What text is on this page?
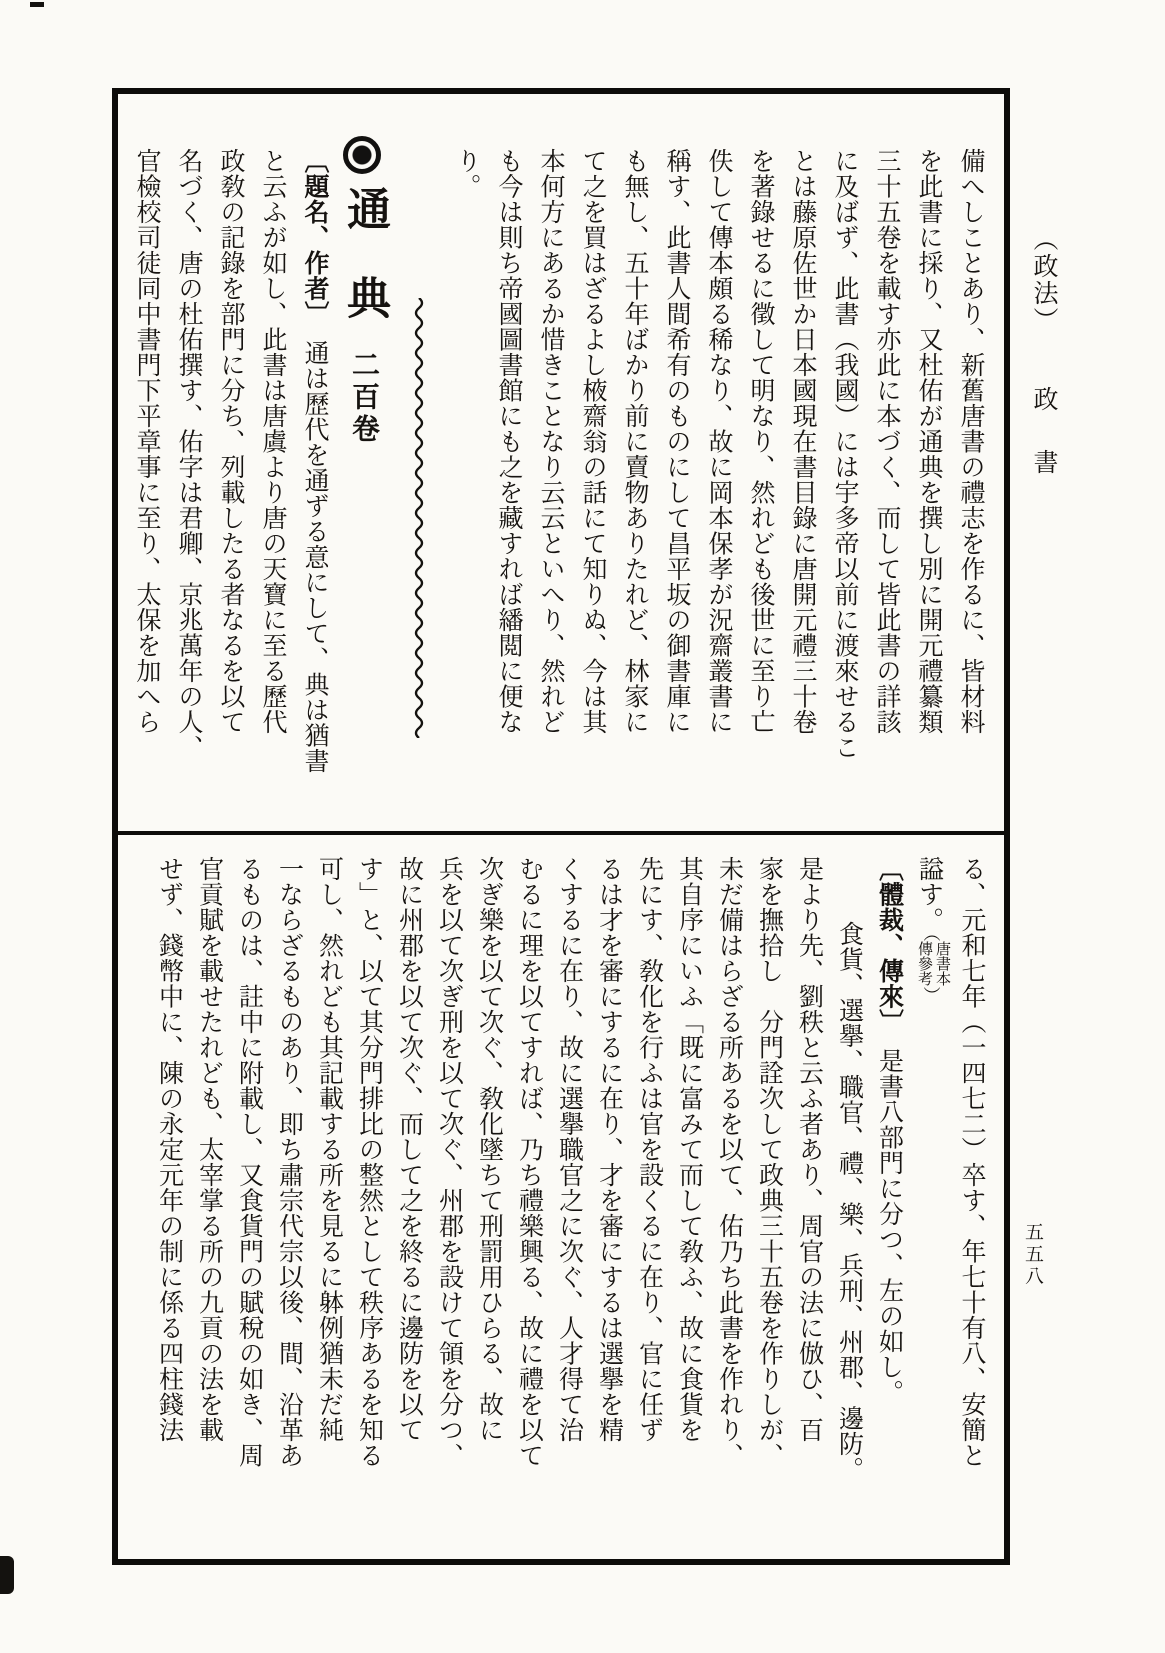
（政法）政書
五五八
備へしことあり、新舊唐書の禮志を作るに、皆材料
を此書に採り、又杜佑が通典を撰し別に開元禮纂類
三十五卷を載す亦此に本づく、而して皆此書の詳該
に及ばず、此書（我國）には宇多帝以前に渡來せるこ
とは藤原佐世か日本國現在書目錄に唐開元禮三十卷
を著錄せるに徵して明なり、然れども後世に至り亡
佚して傳本頗る稀なり、故に岡本保孝が況齋叢書に
稱す、此書人間希有のものにして昌平坂の御書庫に
も無し、五十年ばかり前に賣物ありたれど、林家に
て之を買はざるよし棭齋翁の話にて知りぬ、今は其
本何方にあるか惜きことなり云云といへり、然れど
も今は則ち帝國圖書館にも之を藏すれば繙閲に便な
り。
通　典二百卷
〔題名、作者〕通は歷代を通ずる意にして、典は猶書
と云ふが如し、此書は唐虞より唐の天寶に至る歷代
政敎の記錄を部門に分ち、列載したる者なるを以て
名づく、唐の杜佑撰す、佑字は君卿、京兆萬年の人、
官檢校司徒同中書門下平章事に至り、太保を加へら
る、元和七年（一四七二）卒す、年七十有八、安簡と
謚す。（
唐書本
傳參考
）
〔體裁、傳來〕是書八部門に分つ、左の如し。
食貨、選擧、職官、禮、樂、兵刑、州郡、邊防。
是より先、劉秩と云ふ者あり、周官の法に倣ひ、百
家を撫拾し　分門詮次して政典三十五卷を作りしが、
未だ備はらざる所あるを以て、佑乃ち此書を作れり、
其自序にいふ「既に富みて而して敎ふ、故に食貨を
先にす、敎化を行ふは官を設くるに在り、官に任ず
るは才を審にするに在り、才を審にするは選擧を精
くするに在り、故に選擧職官之に次ぐ、人才得て治
むるに理を以てすれば、乃ち禮樂興る、故に禮を以て
次ぎ樂を以て次ぐ、敎化墜ちて刑罰用ひらる、故に
兵を以て次ぎ刑を以て次ぐ、州郡を設けて領を分つ、
故に州郡を以て次ぐ、而して之を終るに邊防を以て
す」と、以て其分門排比の整然として秩序あるを知る
可し、然れども其記載する所を見るに躰例猶未だ純
一ならざるものあり、即ち肅宗代宗以後、間、沿革あ
るものは、註中に附載し、又食貨門の賦稅の如き、周
官貢賦を載せたれども、太宰掌る所の九貢の法を載
せず、錢幣中に、陳の永定元年の制に係る四柱錢法
